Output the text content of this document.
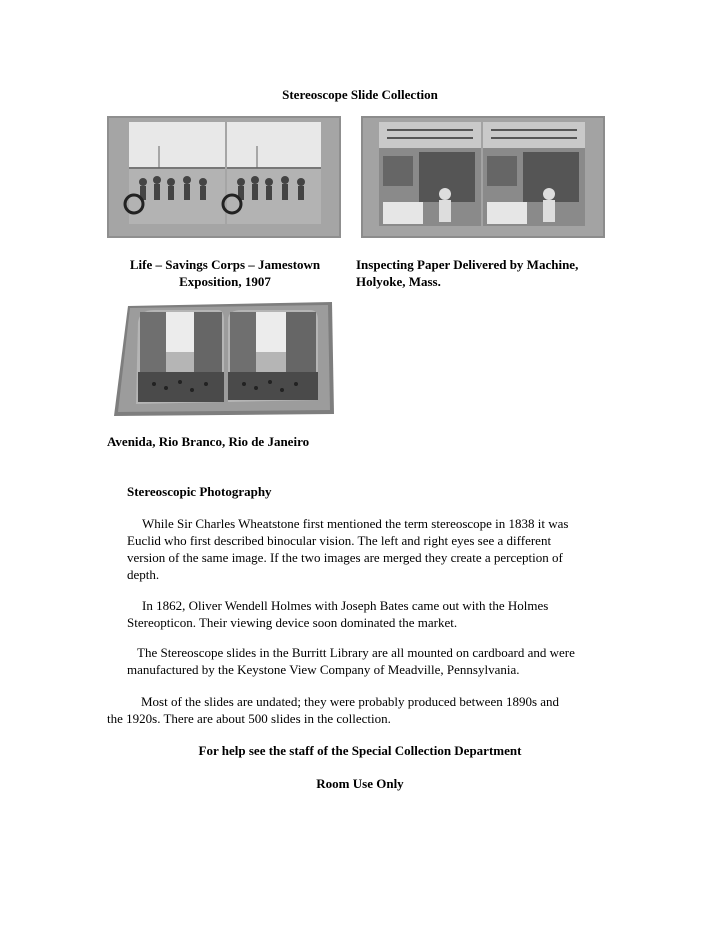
Stereoscope Slide Collection

Life – Savings Corps – Jamestown

Exposition, 1907

Inspecting Paper Delivered by Machine,

Holyoke, Mass.

Avenida, Rio Branco, Rio de Janeiro
Stereoscopic Photography

While Sir Charles Wheatstone first mentioned the term stereoscope in 1838 it was

Euclid who first described binocular vision. The left and right eyes see a different

version of the same image. If the two images are merged they create a perception of

depth.

In 1862, Oliver Wendell Holmes with Joseph Bates came out with the Holmes

Stereopticon. Their viewing device soon dominated the market.

The Stereoscope slides in the Burritt Library are all mounted on cardboard and were

manufactured by the Keystone View Company of Meadville, Pennsylvania.

Most of the slides are undated; they were probably produced between 1890s and

the 1920s. There are about 500 slides in the collection.

For help see the staff of the Special Collection Department
Room Use Only
